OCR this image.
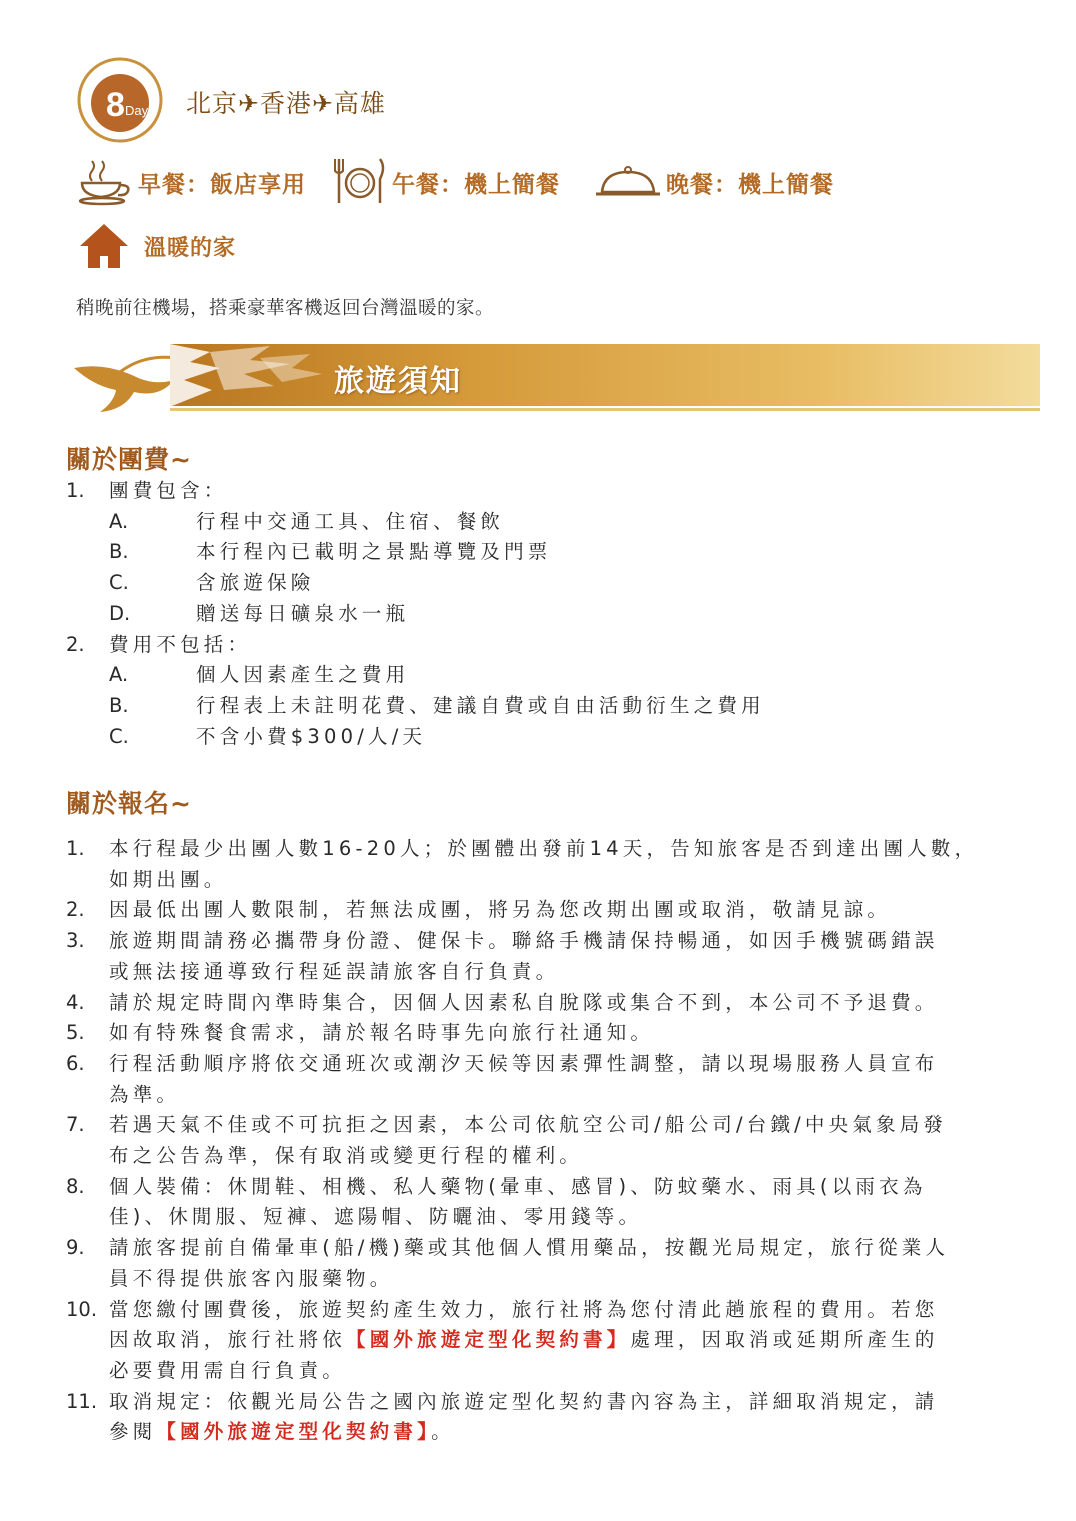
8 Day 北京✈香港✈高雄
早餐：飯店享用	午餐：機上簡餐	晚餐：機上簡餐
溫暖的家
稍晚前往機場，搭乘豪華客機返回台灣溫暖的家。
旅遊須知
關於團費~
1.	團費包含：
A.	行程中交通工具、住宿、餐飲
B.	本行程內已載明之景點導覽及門票
C.	含旅遊保險
D.	贈送每日礦泉水一瓶
2.	費用不包括：
A.	個人因素產生之費用
B.	行程表上未註明花費、建議自費或自由活動衍生之費用
C.	不含小費$300/人/天
關於報名~
1.	本行程最少出團人數16-20人；於團體出發前14天，告知旅客是否到達出團人數，
如期出團。
2.	因最低出團人數限制，若無法成團，將另為您改期出團或取消，敬請見諒。
3.	旅遊期間請務必攜帶身份證、健保卡。聯絡手機請保持暢通，如因手機號碼錯誤
或無法接通導致行程延誤請旅客自行負責。
4.	請於規定時間內準時集合，因個人因素私自脫隊或集合不到，本公司不予退費。
5.	如有特殊餐食需求，請於報名時事先向旅行社通知。
6.	行程活動順序將依交通班次或潮汐天候等因素彈性調整，請以現場服務人員宣布
為準。
7.	若遇天氣不佳或不可抗拒之因素，本公司依航空公司/船公司/台鐵/中央氣象局發
布之公告為準，保有取消或變更行程的權利。
8.	個人裝備：休閒鞋、相機、私人藥物(暈車、感冒)、防蚊藥水、雨具(以雨衣為
佳)、休閒服、短褲、遮陽帽、防曬油、零用錢等。
9.	請旅客提前自備暈車(船/機)藥或其他個人慣用藥品，按觀光局規定，旅行從業人
員不得提供旅客內服藥物。
10. 當您繳付團費後，旅遊契約產生效力，旅行社將為您付清此趟旅程的費用。若您
因故取消，旅行社將依【國外旅遊定型化契約書】處理，因取消或延期所產生的
必要費用需自行負責。
11. 取消規定：依觀光局公告之國內旅遊定型化契約書內容為主，詳細取消規定，請
參閱【國外旅遊定型化契約書】。
